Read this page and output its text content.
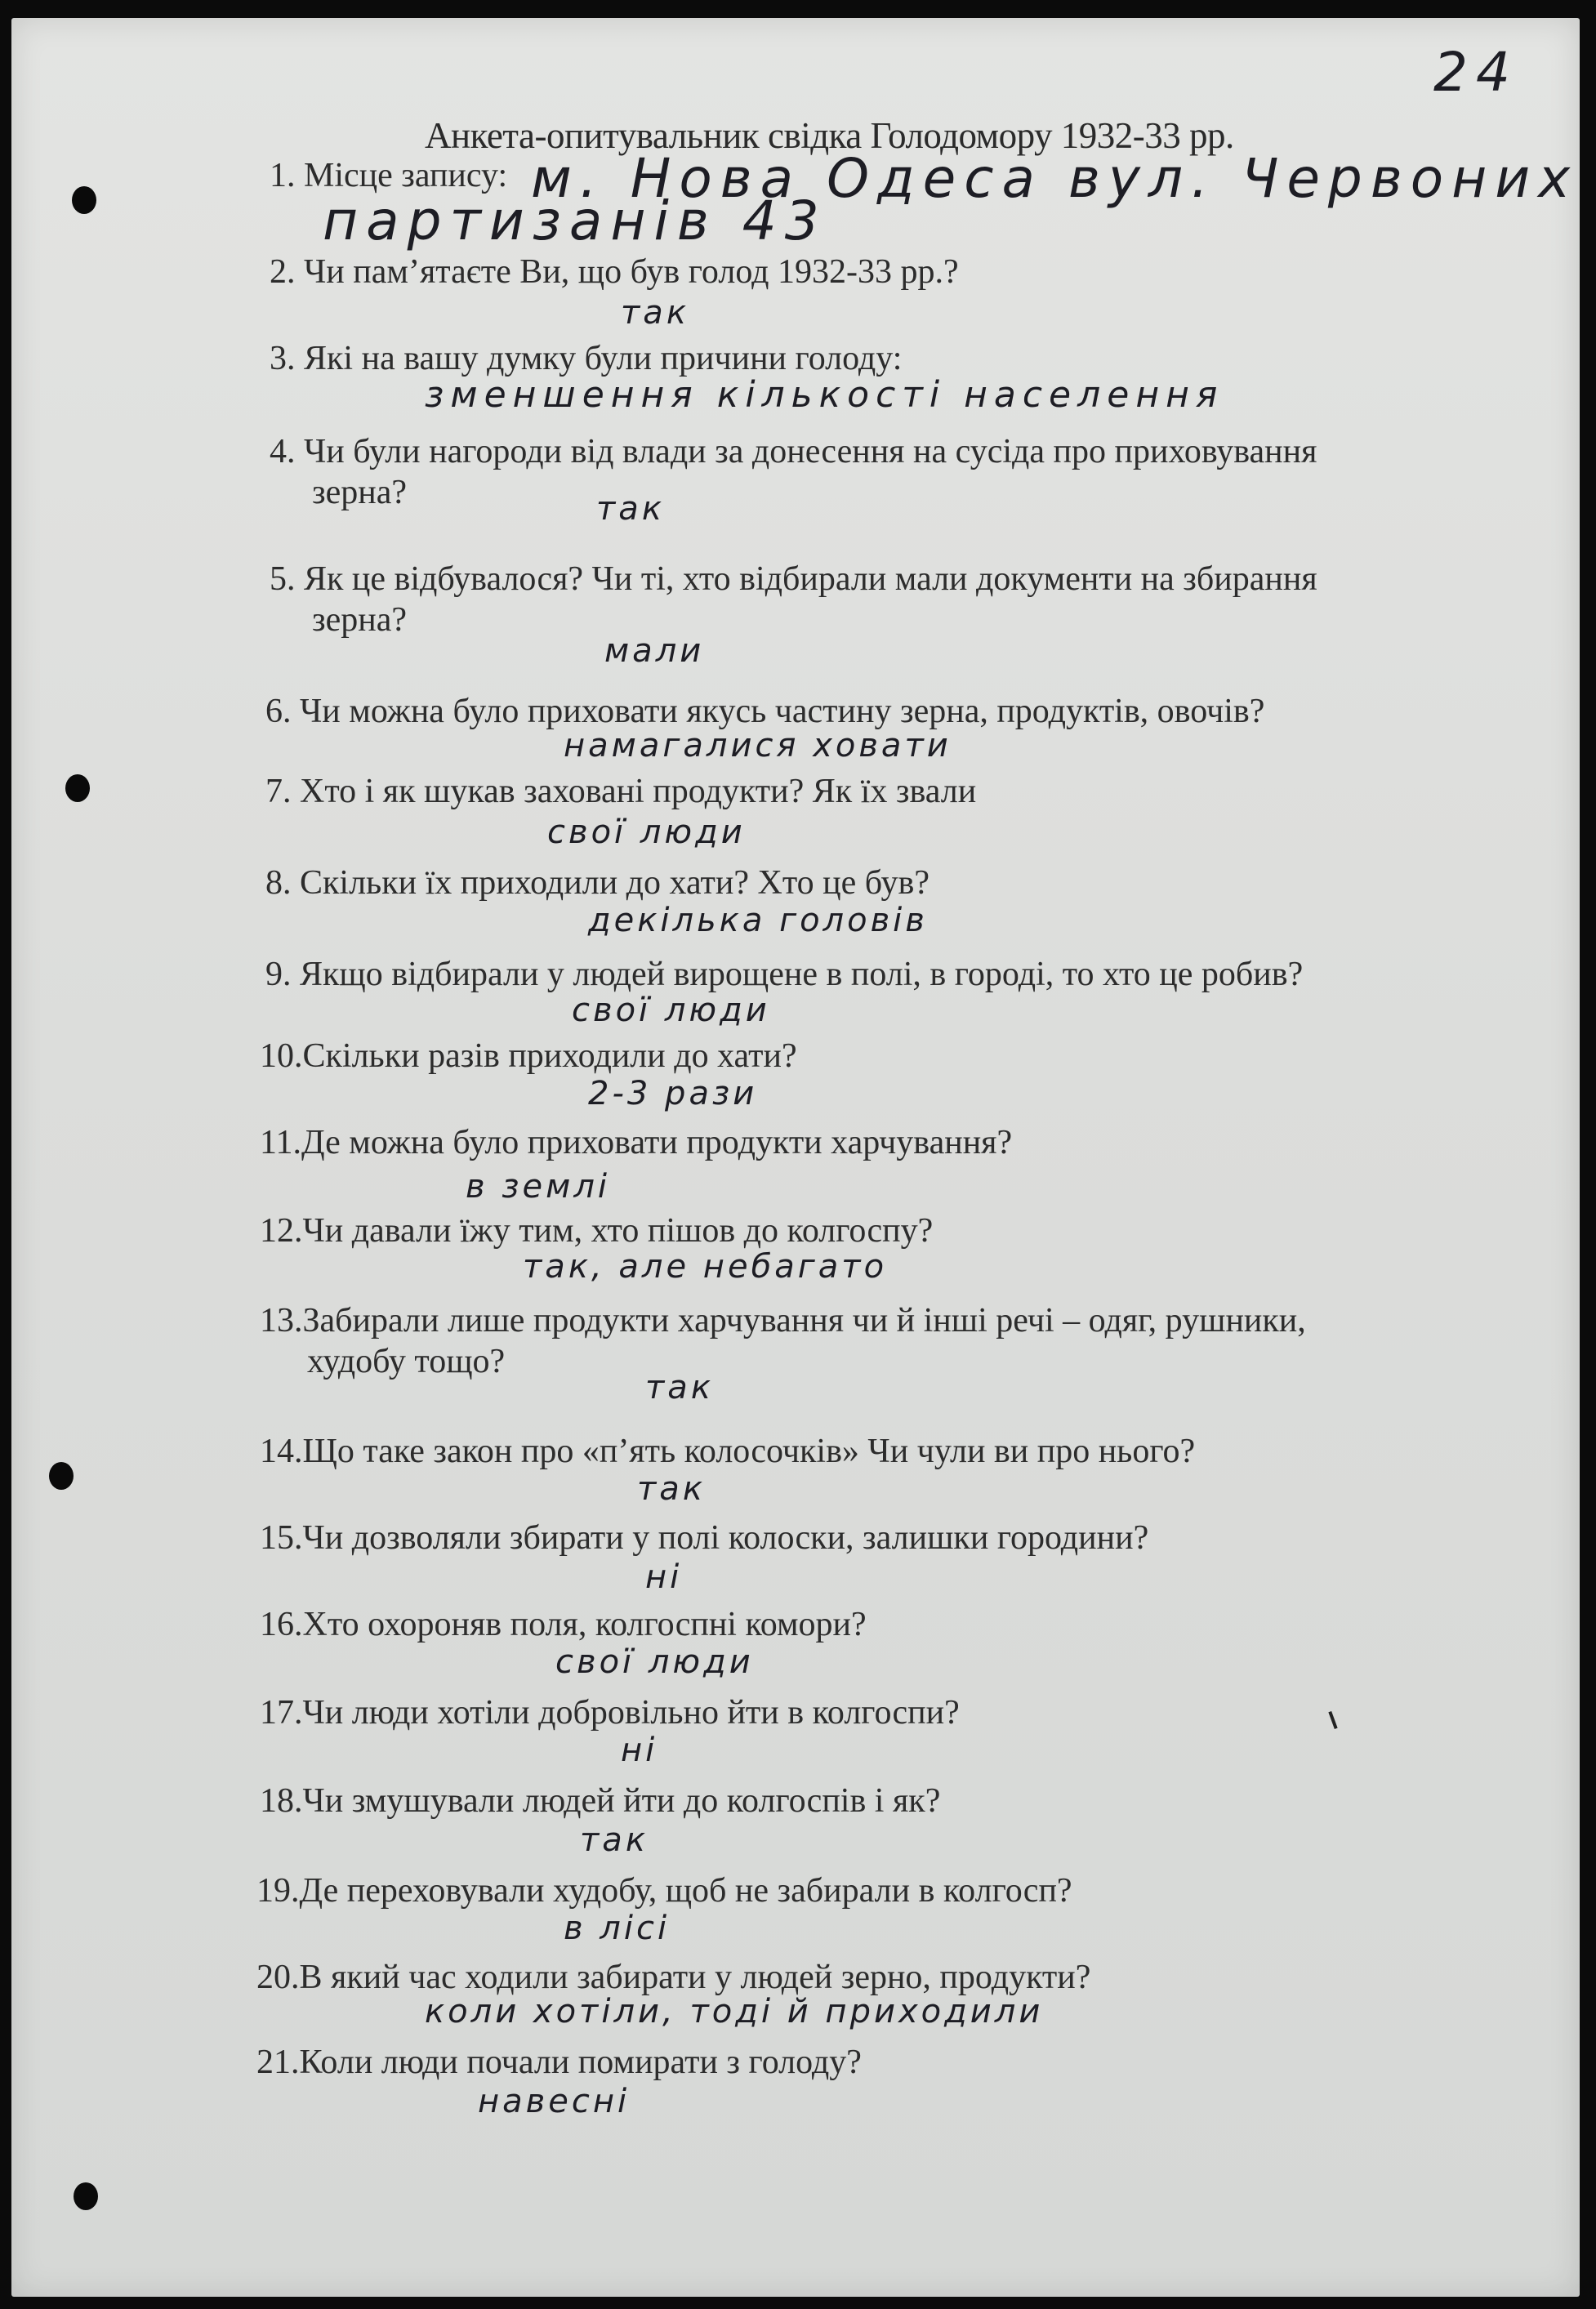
24
Анкета-опитувальник свідка Голодомору 1932-33 рр.
1. Місце запису:
2. Чи пам’ятаєте Ви, що був голод 1932-33 рр.?
3. Які на вашу думку були причини голоду:
4. Чи були нагороди від влади за донесення на сусіда про приховування
зерна?
5. Як це відбувалося? Чи ті, хто відбирали мали документи на збирання
зерна?
6. Чи можна було приховати якусь частину зерна, продуктів, овочів?
7. Хто і як шукав заховані продукти? Як їх звали
8. Скільки їх приходили до хати? Хто це був?
9. Якщо відбирали у людей вирощене в полі, в городі, то хто це робив?
10.Скільки разів приходили до хати?
11.Де можна було приховати продукти харчування?
12.Чи давали їжу тим, хто пішов до колгоспу?
13.Забирали лише продукти харчування чи й інші речі – одяг, рушники,
худобу тощо?
14.Що таке закон про «п’ять колосочків» Чи чули ви про нього?
15.Чи дозволяли збирати у полі колоски, залишки городини?
16.Хто охороняв поля, колгоспні комори?
17.Чи люди хотіли добровільно йти в колгоспи?
18.Чи змушували людей йти до колгоспів і як?
19.Де переховували худобу, щоб не забирали в колгосп?
20.В який час ходили забирати у людей зерно, продукти?
21.Коли люди почали помирати з голоду?
м. Нова Одеса вул. Червоних
партизанів 43
так
зменшення кількості населення
так
мали
намагалися ховати
свої люди
декілька головів
свої люди
2-3 рази
в землі
так, але небагато
так
так
ні
свої люди
ні
так
в лісі
коли хотіли, тоді й приходили
навесні
